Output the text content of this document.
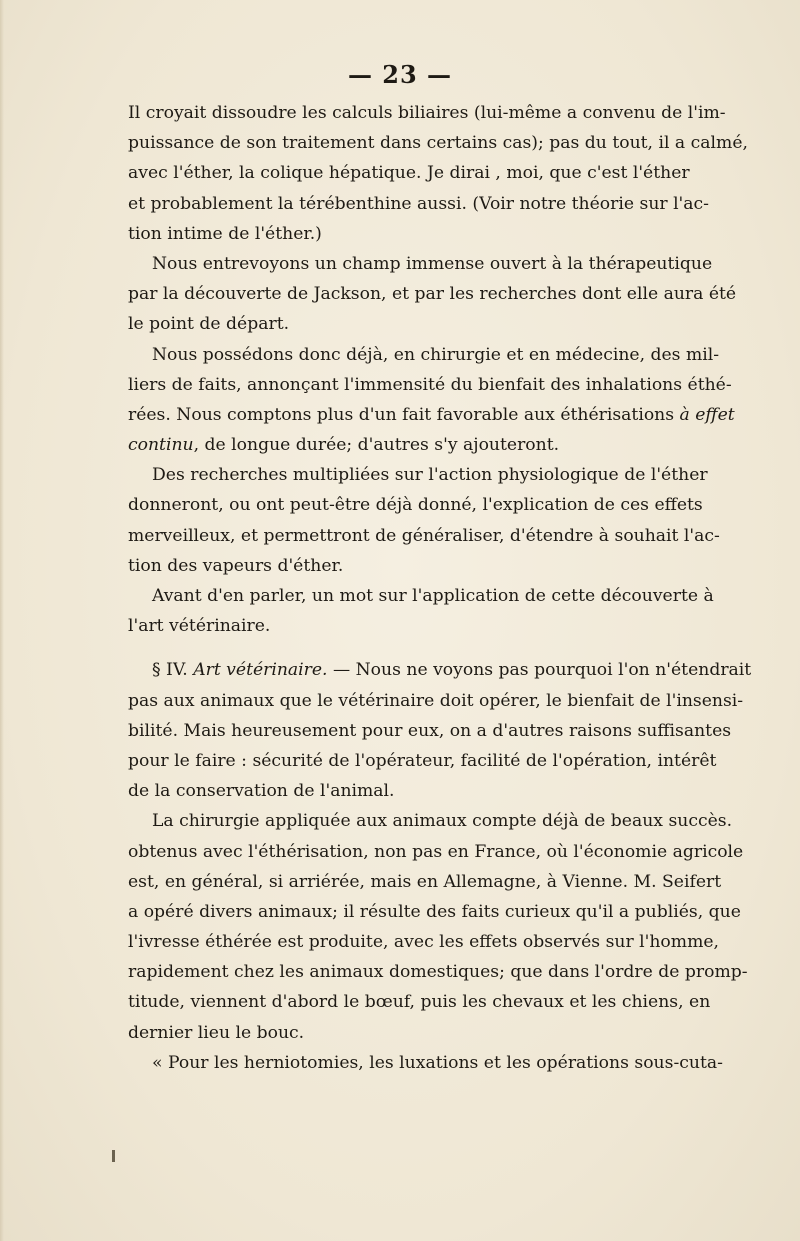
— 23 —
Il croyait dissoudre les calculs biliaires (lui-même a convenu de l'im-
puissance de son traitement dans certains cas); pas du tout, il a calmé,
avec l'éther, la colique hépatique. Je dirai , moi, que c'est l'éther
et probablement la térébenthine aussi. (Voir notre théorie sur l'ac-
tion intime de l'éther.)
Nous entrevoyons un champ immense ouvert à la thérapeutique
par la découverte de Jackson, et par les recherches dont elle aura été
le point de départ.
Nous possédons donc déjà, en chirurgie et en médecine, des mil-
liers de faits, annonçant l'immensité du bienfait des inhalations éthé-
rées. Nous comptons plus d'un fait favorable aux éthérisations à effet
continu, de longue durée; d'autres s'y ajouteront.
Des recherches multipliées sur l'action physiologique de l'éther
donneront, ou ont peut-être déjà donné, l'explication de ces effets
merveilleux, et permettront de généraliser, d'étendre à souhait l'ac-
tion des vapeurs d'éther.
Avant d'en parler, un mot sur l'application de cette découverte à
l'art vétérinaire.
§ IV. Art vétérinaire. — Nous ne voyons pas pourquoi l'on n'étendrait
pas aux animaux que le vétérinaire doit opérer, le bienfait de l'insensi-
bilité. Mais heureusement pour eux, on a d'autres raisons suffisantes
pour le faire : sécurité de l'opérateur, facilité de l'opération, intérêt
de la conservation de l'animal.
La chirurgie appliquée aux animaux compte déjà de beaux succès.
obtenus avec l'éthérisation, non pas en France, où l'économie agricole
est, en général, si arriérée, mais en Allemagne, à Vienne. M. Seifert
a opéré divers animaux; il résulte des faits curieux qu'il a publiés, que
l'ivresse éthérée est produite, avec les effets observés sur l'homme,
rapidement chez les animaux domestiques; que dans l'ordre de promp-
titude, viennent d'abord le bœuf, puis les chevaux et les chiens, en
dernier lieu le bouc.
« Pour les herniotomies, les luxations et les opérations sous-cuta-
